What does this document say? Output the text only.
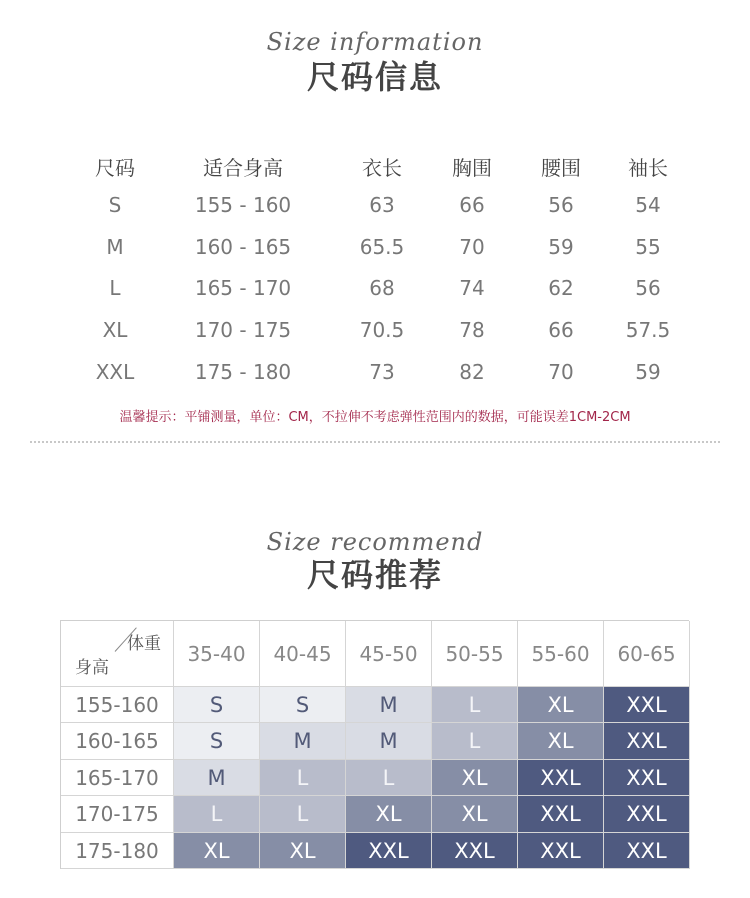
Size information
尺码信息
尺码	适合身高	衣长	胸围	腰围	袖长
S	155 - 160	63	66	56	54
M	160 - 165	65.5	70	59	55
L	165 - 170	68	74	62	56
XL	170 - 175	70.5	78	66	57.5
XXL	175 - 180	73	82	70	59
温馨提示：平铺测量，单位：CM，不拉伸不考虑弹性范围内的数据，可能误差1CM-2CM
Size recommend
尺码推荐
体重
身高
35-40	40-45	45-50	50-55	55-60	60-65
155-160	S	S	M	L	XL	XXL
160-165	S	M	M	L	XL	XXL
165-170	M	L	L	XL	XXL	XXL
170-175	L	L	XL	XL	XXL	XXL
175-180	XL	XL	XXL	XXL	XXL	XXL
